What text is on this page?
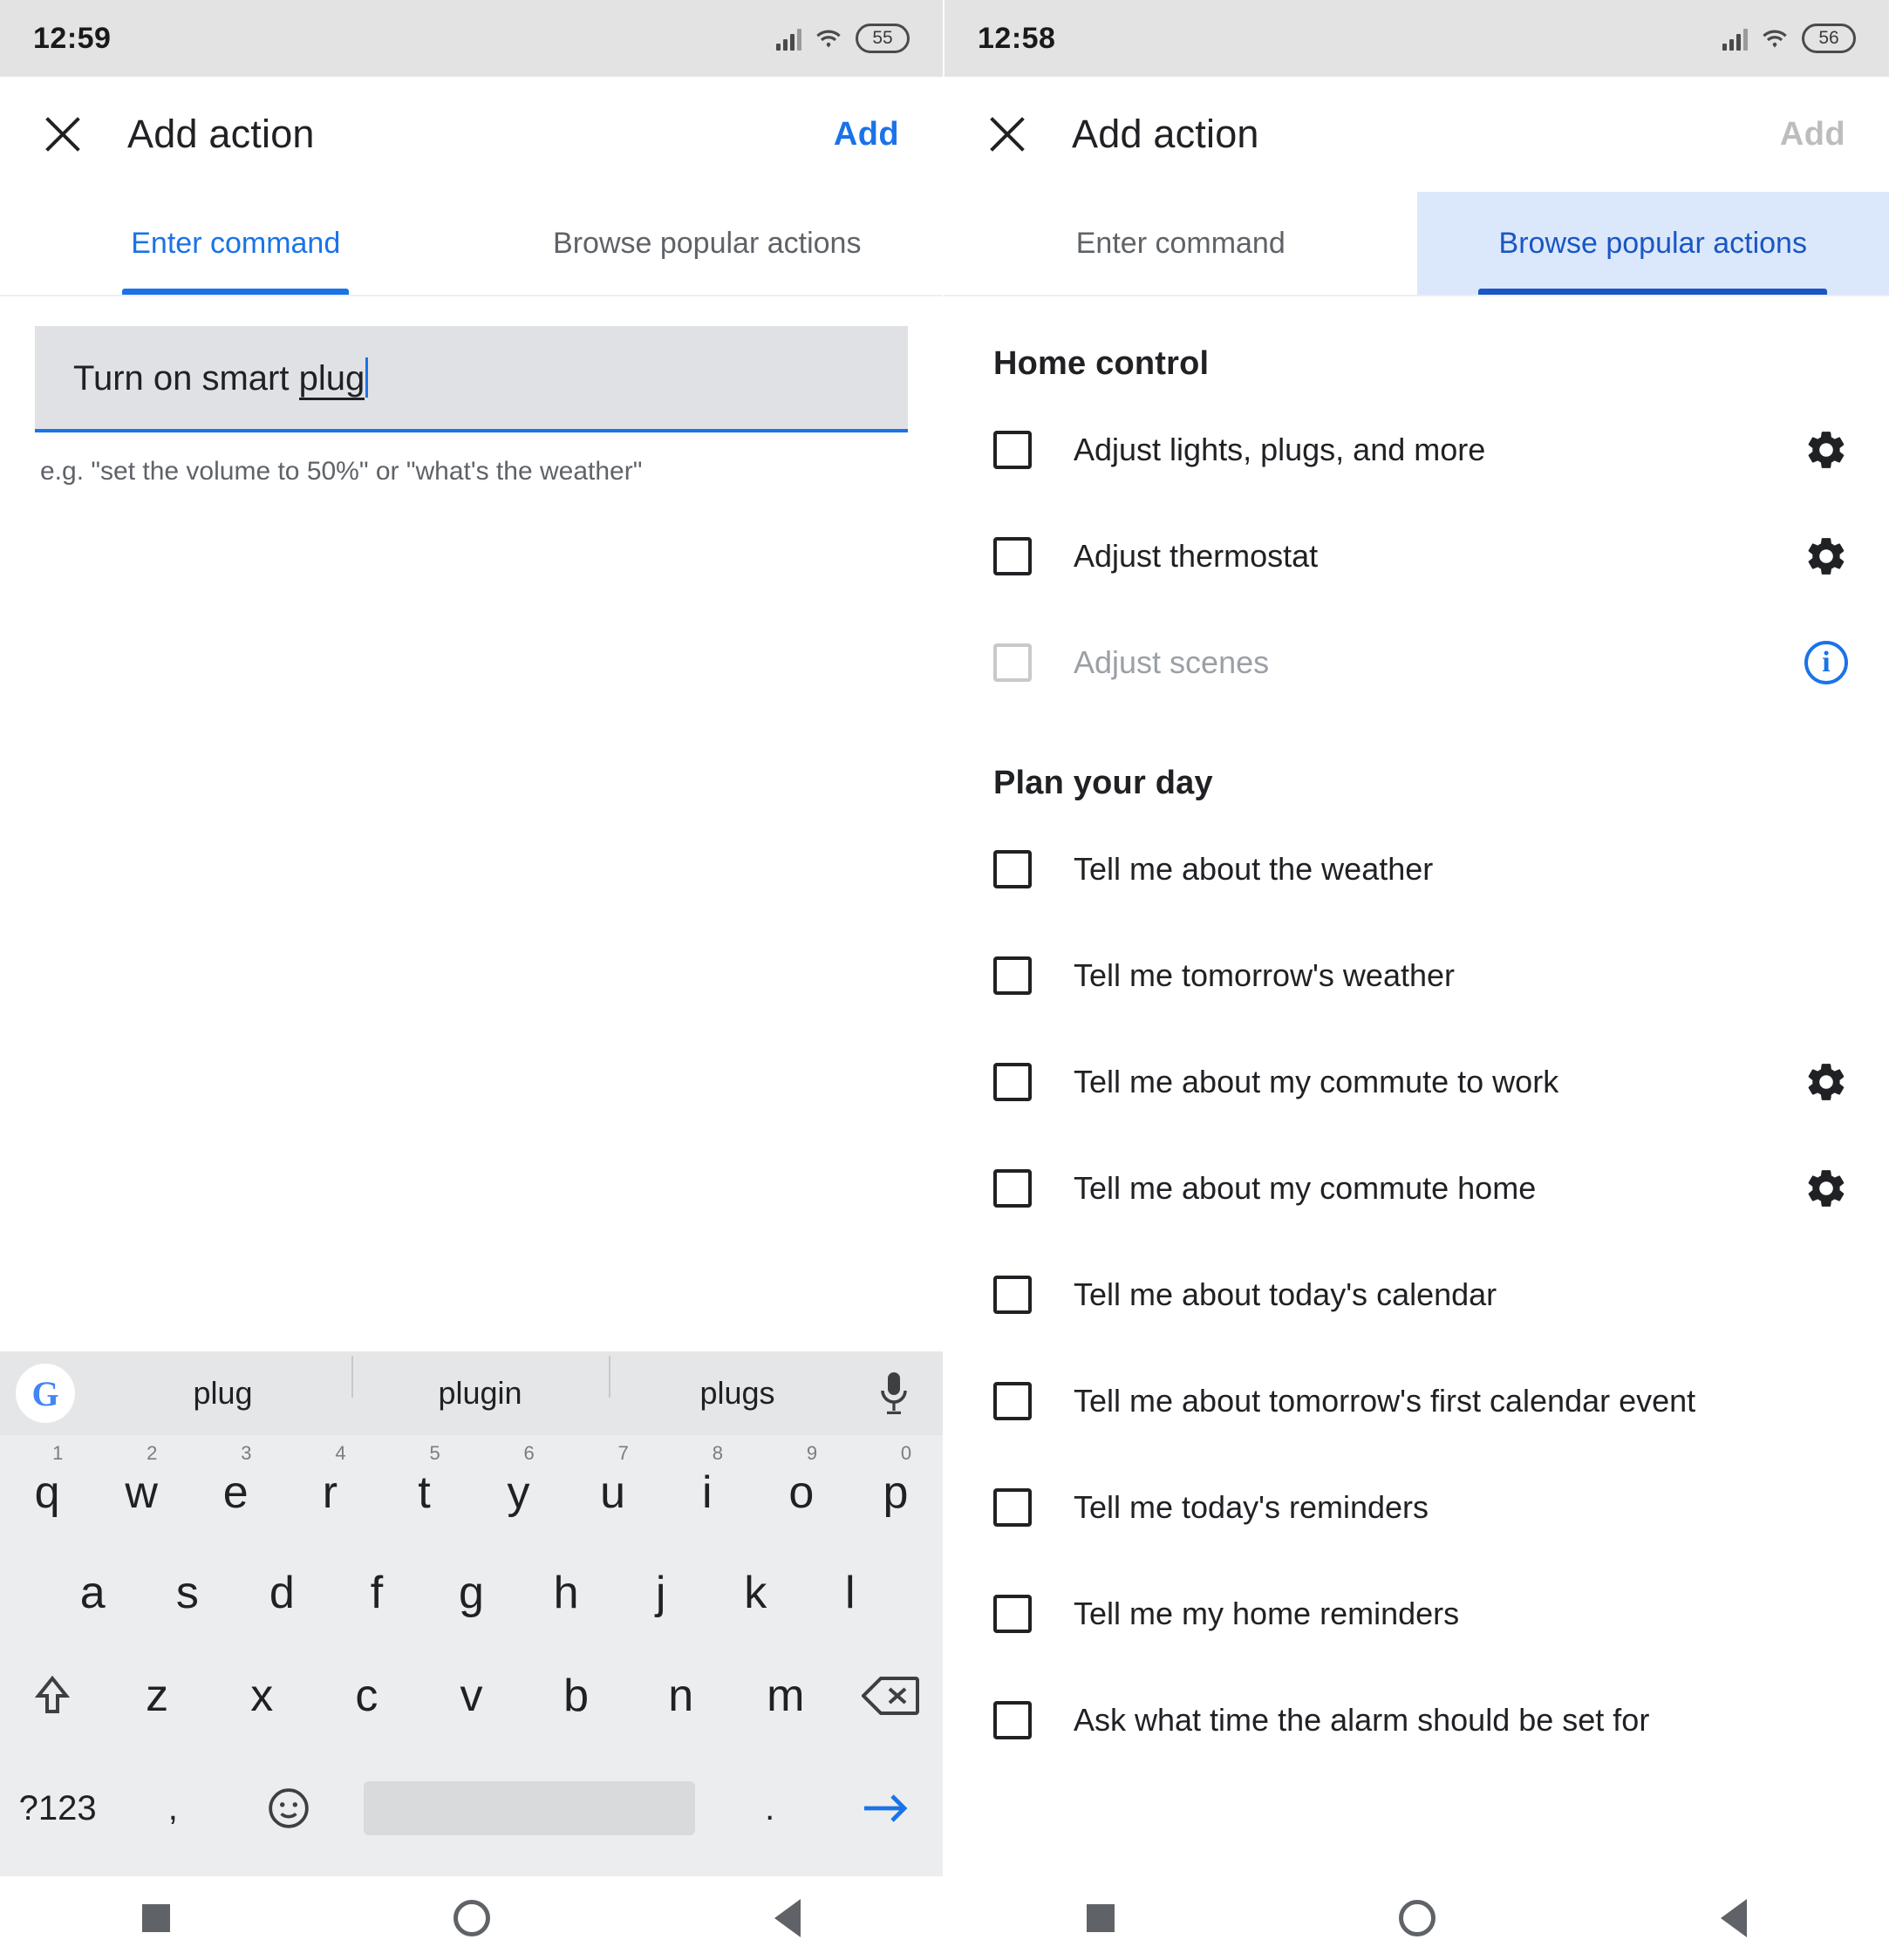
12:59	55
Add action	Add
Enter command	Browse popular actions
Turn on smart plug
e.g. "set the volume to 50%" or "what's the weather"
G	plug	plugin	plugs
1
q
2
w
3
e
4
r
5
t
6
y
7
u
8
i
9
o
0
p
a	s	d	f	g	h	j	k	l
z	x	c	v	b	n	m
?123	,	.
12:58	56
Add action	Add
Enter command	Browse popular actions
Home control
Adjust lights, plugs, and more
Adjust thermostat
Adjust scenes	i
Plan your day
Tell me about the weather
Tell me tomorrow's weather
Tell me about my commute to work
Tell me about my commute home
Tell me about today's calendar
Tell me about tomorrow's first calendar event
Tell me today's reminders
Tell me my home reminders
Ask what time the alarm should be set for
